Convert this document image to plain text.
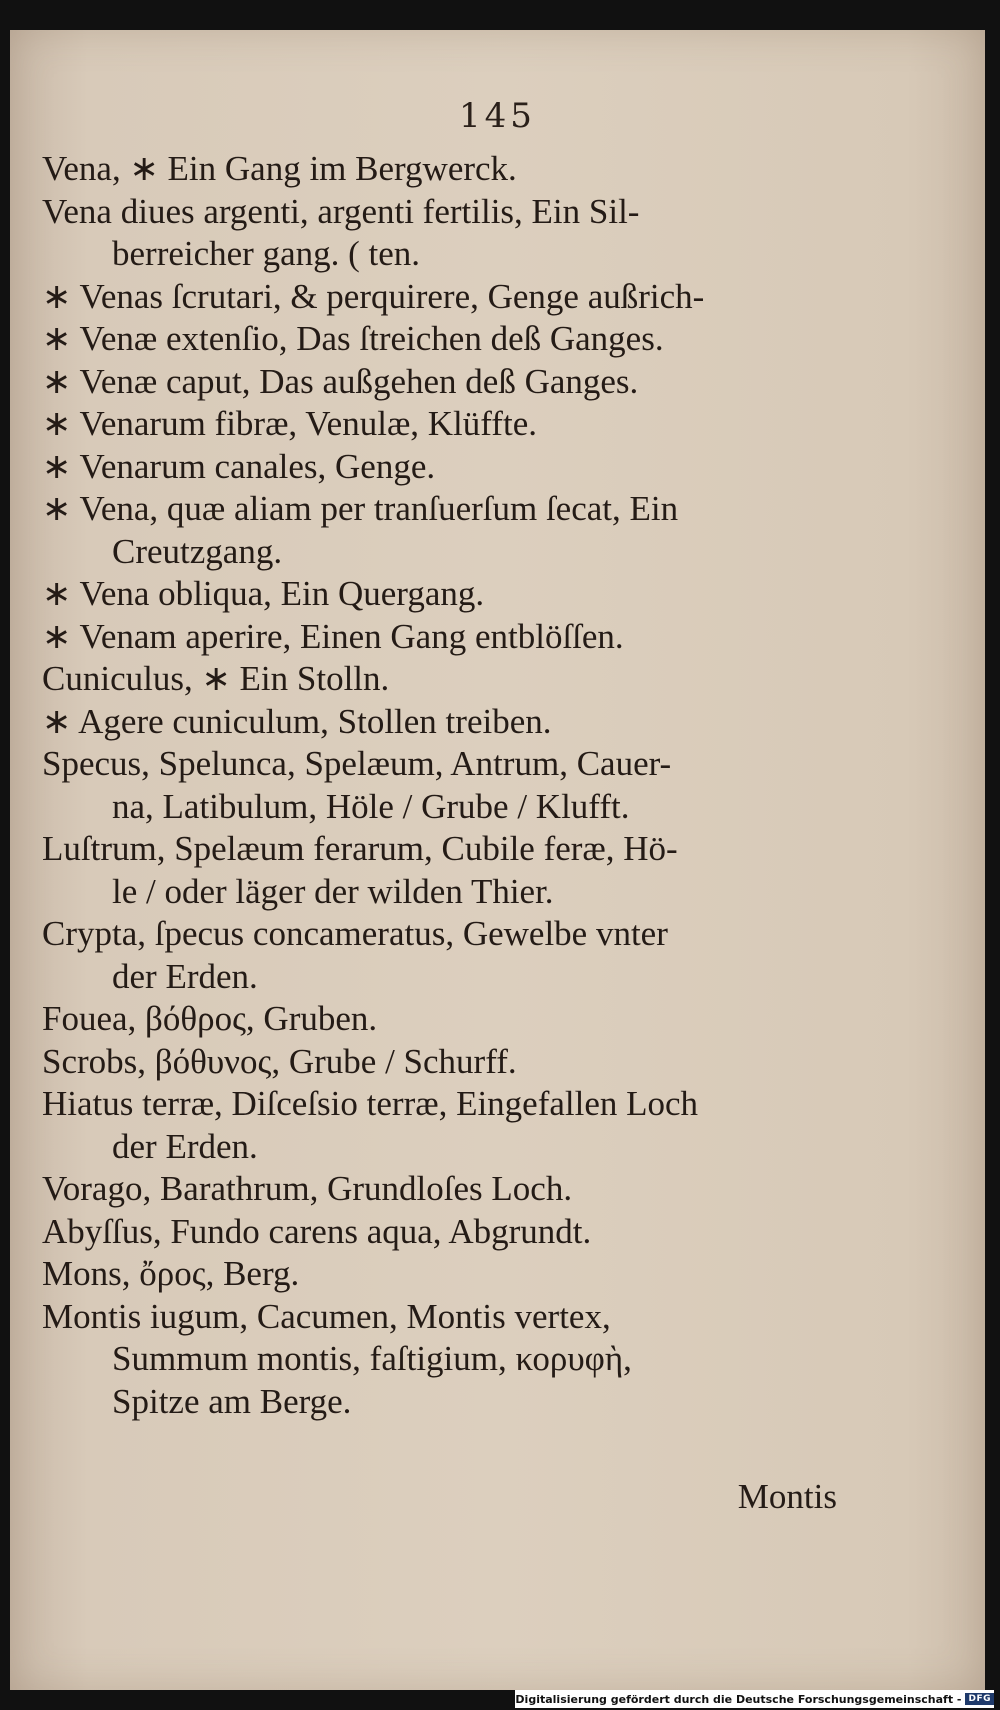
145
Vena, ∗ Ein Gang im Bergwerck.
Vena diues argenti, argenti fertilis, Ein Sil-
berreicher gang. ( ten.
∗ Venas ſcrutari, & perquirere, Genge außrich-
∗ Venæ extenſio, Das ſtreichen deß Ganges.
∗ Venæ caput, Das außgehen deß Ganges.
∗ Venarum fibræ, Venulæ, Klüffte.
∗ Venarum canales, Genge.
∗ Vena, quæ aliam per tranſuerſum ſecat, Ein
Creutzgang.
∗ Vena obliqua, Ein Quergang.
∗ Venam aperire, Einen Gang entblöſſen.
Cuniculus, ∗ Ein Stolln.
∗ Agere cuniculum, Stollen treiben.
Specus, Spelunca, Spelæum, Antrum, Cauer-
na, Latibulum, Höle / Grube / Klufft.
Luſtrum, Spelæum ferarum, Cubile feræ, Hö-
le / oder läger der wilden Thier.
Crypta, ſpecus concameratus, Gewelbe vnter
der Erden.
Fouea, βόθρος, Gruben.
Scrobs, βόθυνος, Grube / Schurff.
Hiatus terræ, Diſceſsio terræ, Eingefallen Loch
der Erden.
Vorago, Barathrum, Grundloſes Loch.
Abyſſus, Fundo carens aqua, Abgrundt.
Mons, ὄρος, Berg.
Montis iugum, Cacumen, Montis vertex,
Summum montis, faſtigium, κορυφὴ,
Spitze am Berge.
Montis
Digitalisierung gefördert durch die Deutsche Forschungsgemeinschaft - DFG
